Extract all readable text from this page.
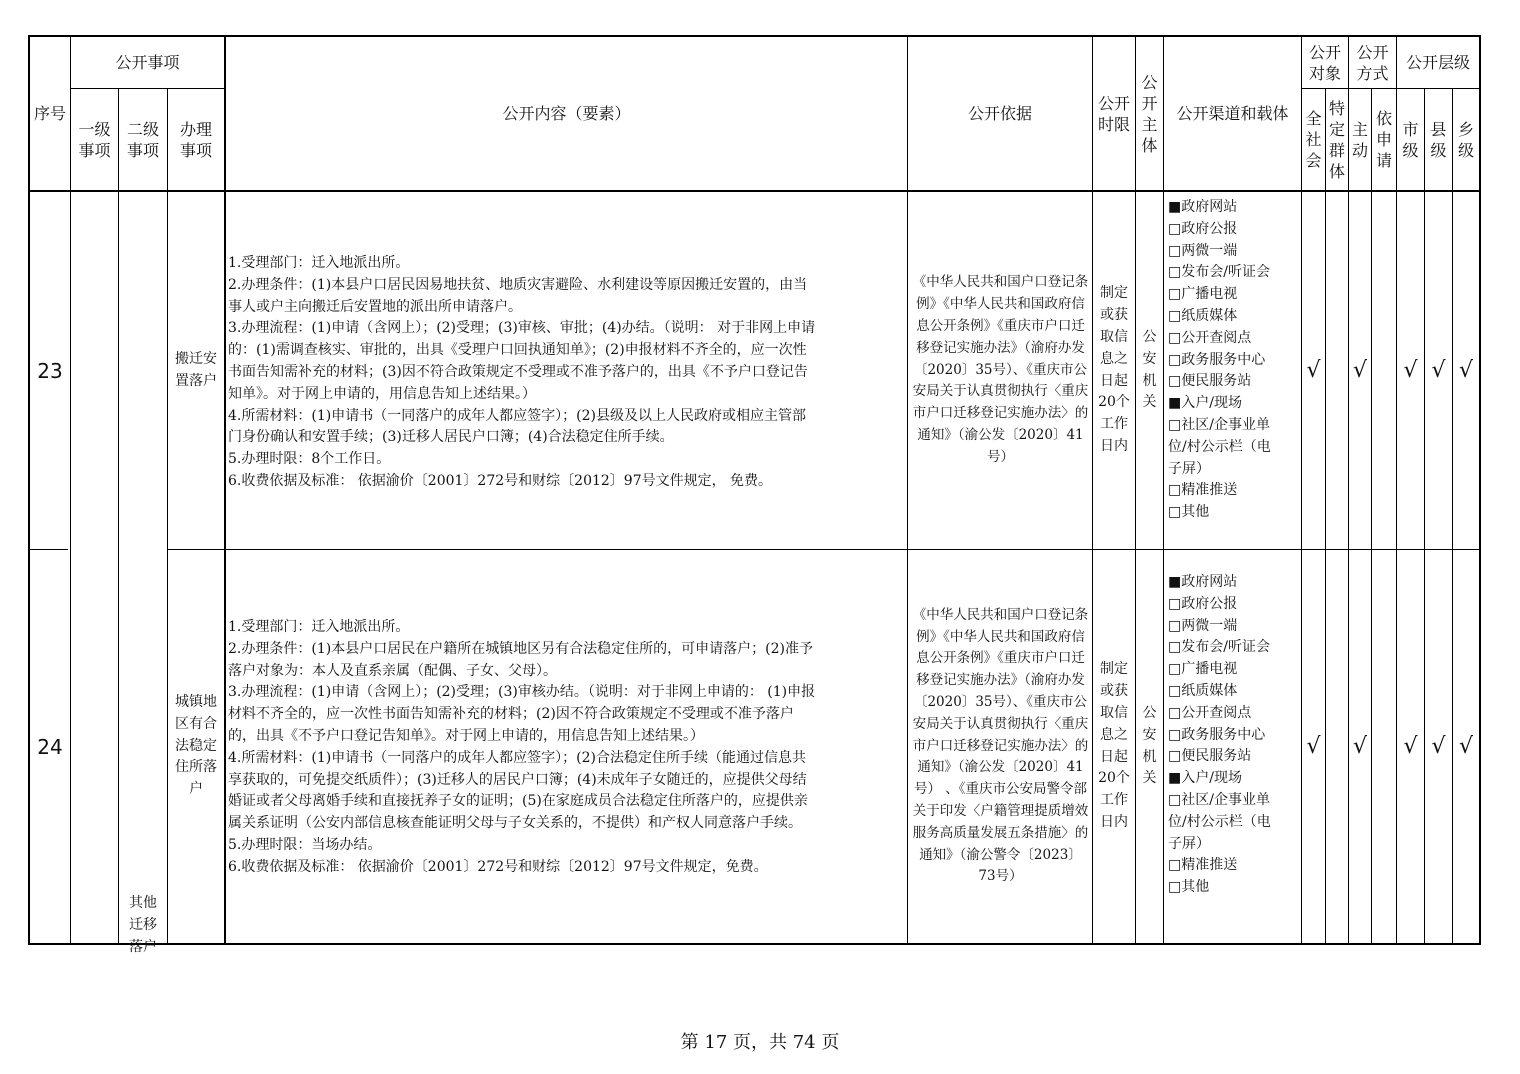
序号
公开事项
一级事项
二级事项
办理事项
公开内容（要素）	公开依据
公开时限
公开主体
公开渠道和载体
公开对象
公开方式
公开层级
全社会
特定群体
主动
依申请
市级
县级
乡级
23	搬迁安置落户
1.受理部门：迁入地派出所。
2.办理条件：(1)本县户口居民因易地扶贫、地质灾害避险、水利建设等原因搬迁安置的，由当
事人或户主向搬迁后安置地的派出所申请落户。
3.办理流程：(1)申请（含网上）；(2)受理；(3)审核、审批；(4)办结。（说明： 对于非网上申请
的：(1)需调查核实、审批的，出具《受理户口回执通知单》；(2)申报材料不齐全的，应一次性
书面告知需补充的材料；(3)因不符合政策规定不受理或不准予落户的，出具《不予户口登记告
知单》。对于网上申请的，用信息告知上述结果。）
4.所需材料：(1)申请书（一同落户的成年人都应签字）；(2)县级及以上人民政府或相应主管部
门身份确认和安置手续；(3)迁移人居民户口簿；(4)合法稳定住所手续。
5.办理时限：8个工作日。
6.收费依据及标准： 依据渝价〔2001〕272号和财综〔2012〕97号文件规定， 免费。
《中华人民共和国户口登记条例》《中华人民共和国政府信息公开条例》《重庆市户口迁移登记实施办法》（渝府办发〔2020〕35号）、《重庆市公安局关于认真贯彻执行〈重庆市户口迁移登记实施办法〉的通知》（渝公发〔2020〕41号）
制定或获取信息之日起20个工作日内
公安机关
■政府网站
□政府公报
□两微一端
□发布会/听证会
□广播电视
□纸质媒体
□公开查阅点
□政务服务中心
□便民服务站
■入户/现场
□社区/企事业单
位/村公示栏（电
子屏）
□精准推送
□其他
√ √ √ √ √
24
城镇地区有合法稳定住所落户
1.受理部门：迁入地派出所。
2.办理条件：(1)本县户口居民在户籍所在城镇地区另有合法稳定住所的，可申请落户；(2)准予
落户对象为：本人及直系亲属（配偶、子女、父母）。
3.办理流程：(1)申请（含网上）；(2)受理；(3)审核办结。（说明：对于非网上申请的： (1)申报
材料不齐全的，应一次性书面告知需补充的材料；(2)因不符合政策规定不受理或不准予落户
的，出具《不予户口登记告知单》。对于网上申请的，用信息告知上述结果。）
4.所需材料：(1)申请书（一同落户的成年人都应签字）；(2)合法稳定住所手续（能通过信息共
享获取的，可免提交纸质件）；(3)迁移人的居民户口簿；(4)未成年子女随迁的，应提供父母结
婚证或者父母离婚手续和直接抚养子女的证明；(5)在家庭成员合法稳定住所落户的，应提供亲
属关系证明（公安内部信息核查能证明父母与子女关系的，不提供）和产权人同意落户手续。
5.办理时限：当场办结。
6.收费依据及标准： 依据渝价〔2001〕272号和财综〔2012〕97号文件规定，免费。
《中华人民共和国户口登记条例》《中华人民共和国政府信息公开条例》《重庆市户口迁移登记实施办法》（渝府办发〔2020〕35号）、《重庆市公安局关于认真贯彻执行〈重庆市户口迁移登记实施办法〉的通知》（渝公发〔2020〕41号） 、《重庆市公安局警令部关于印发〈户籍管理提质增效服务高质量发展五条措施〉的通知》（渝公警令〔2023〕73号）
制定或获取信息之日起20个工作日内
公安机关
■政府网站
□政府公报
□两微一端
□发布会/听证会
□广播电视
□纸质媒体
□公开查阅点
□政务服务中心
□便民服务站
■入户/现场
□社区/企事业单
位/村公示栏（电
子屏）
□精准推送
□其他
√ √ √ √ √
其他迁移落户
第 17 页，共 74 页
